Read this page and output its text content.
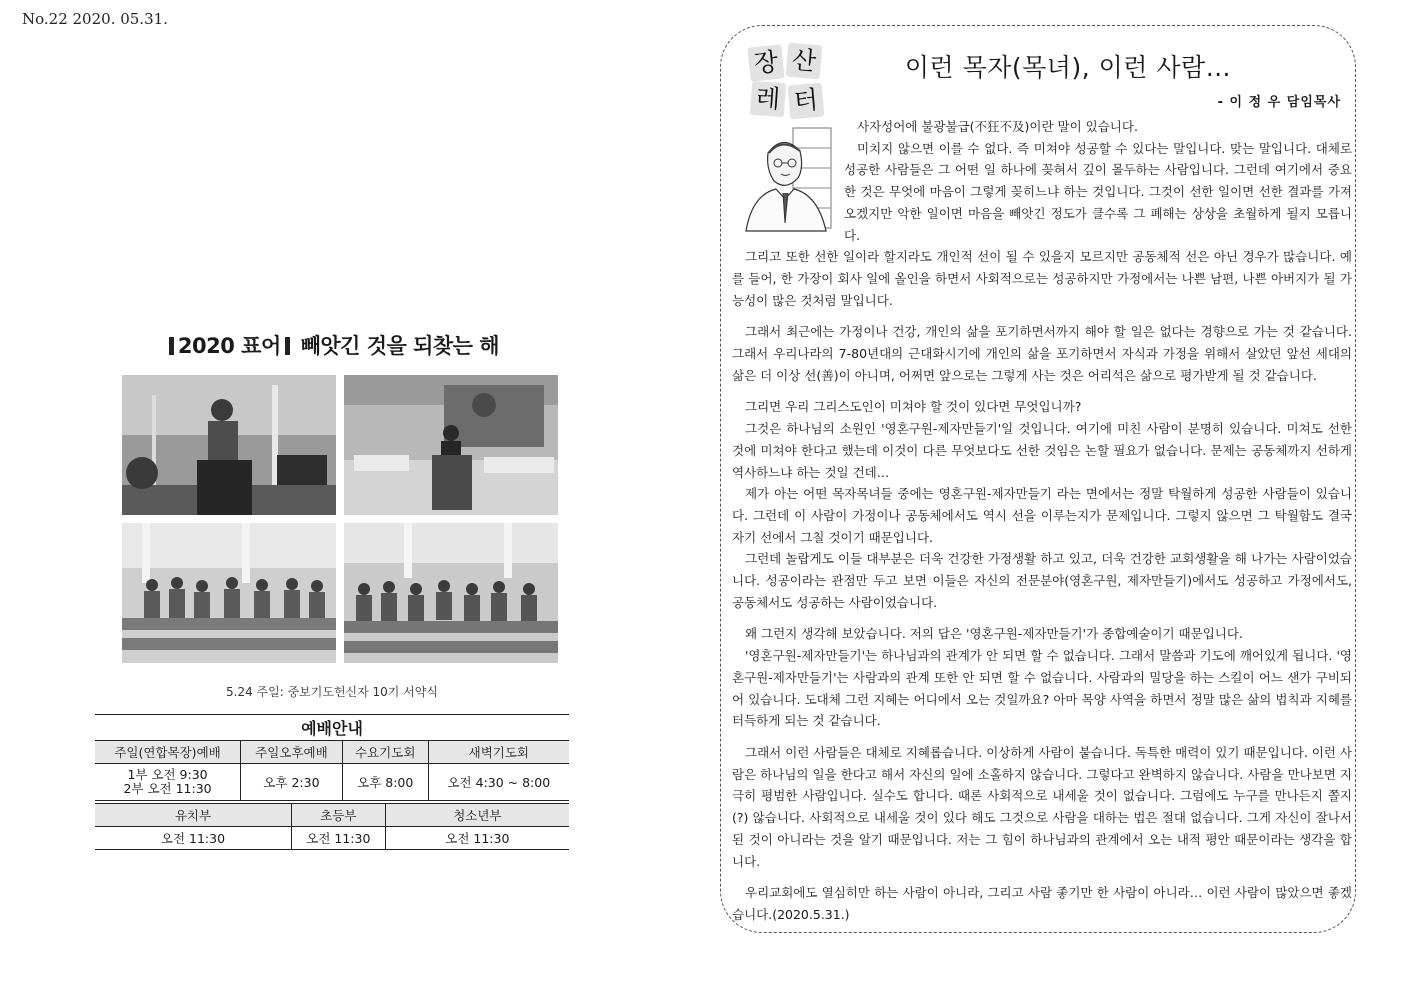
No.22 2020. 05.31.
2020 표어 빼앗긴 것을 되찾는 해
5.24 주일: 중보기도헌신자 10기 서약식
예배안내					
주일(연합목장)예배	주일오후예배		수요기도회		새벽기도회

1부 오전 9:30
2부 오전 11:30	오후 2:30		오후 8:00		오전 4:30 ~ 8:00

유치부		초등부		청소년부	
오전 11:30		오전 11:30		오전 11:30	
장 산
레 터
이런 목자(목녀), 이런 사람…
- 이 정 우 담임목사

사자성어에 불광불급(不狂不及)이란 말이 있습니다.

미치지 않으면 이를 수 없다. 즉 미쳐야 성공할 수 있다는 말입니다. 맞는 말입니다. 대체로 성공한 사람들은 그 어떤 일 하나에 꽂혀서 깊이 몰두하는 사람입니다. 그런데 여기에서 중요한 것은 무엇에 마음이 그렇게 꽂히느냐 하는 것입니다. 그것이 선한 일이면 선한 결과를 가져오겠지만 악한 일이면 마음을 빼앗긴 정도가 클수록 그 폐해는 상상을 초월하게 될지 모릅니다.

그리고 또한 선한 일이라 할지라도 개인적 선이 될 수 있을지 모르지만 공동체적 선은 아닌 경우가 많습니다. 예를 들어, 한 가장이 회사 일에 올인을 하면서 사회적으로는 성공하지만 가정에서는 나쁜 남편, 나쁜 아버지가 될 가능성이 많은 것처럼 말입니다.

그래서 최근에는 가정이나 건강, 개인의 삶을 포기하면서까지 해야 할 일은 없다는 경향으로 가는 것 같습니다. 그래서 우리나라의 7-80년대의 근대화시기에 개인의 삶을 포기하면서 자식과 가정을 위해서 살았던 앞선 세대의 삶은 더 이상 선(善)이 아니며, 어쩌면 앞으로는 그렇게 사는 것은 어리석은 삶으로 평가받게 될 것 같습니다.

그리면 우리 그리스도인이 미쳐야 할 것이 있다면 무엇입니까?

그것은 하나님의 소원인 '영혼구원-제자만들기'일 것입니다. 여기에 미친 사람이 분명히 있습니다. 미쳐도 선한 것에 미쳐야 한다고 했는데 이것이 다른 무엇보다도 선한 것임은 논할 필요가 없습니다. 문제는 공동체까지 선하게 역사하느냐 하는 것일 건데…

제가 아는 어떤 목자목녀들 중에는 영혼구원-제자만들기 라는 면에서는 정말 탁월하게 성공한 사람들이 있습니다. 그런데 이 사람이 가정이나 공동체에서도 역시 선을 이루는지가 문제입니다. 그렇지 않으면 그 탁월함도 결국 자기 선에서 그칠 것이기 때문입니다.

그런데 놀랍게도 이들 대부분은 더욱 건강한 가정생활 하고 있고, 더욱 건강한 교회생활을 해 나가는 사람이었습니다. 성공이라는 관점만 두고 보면 이들은 자신의 전문분야(영혼구원, 제자만들기)에서도 성공하고 가정에서도, 공동체서도 성공하는 사람이었습니다.

왜 그런지 생각해 보았습니다. 저의 답은 '영혼구원-제자만들기'가 종합예술이기 때문입니다.

'영혼구원-제자만들기'는 하나님과의 관계가 안 되면 할 수 없습니다. 그래서 말씀과 기도에 깨어있게 됩니다. '영혼구원-제자만들기'는 사람과의 관계 또한 안 되면 할 수 없습니다. 사람과의 밀당을 하는 스킬이 어느 샌가 구비되어 있습니다. 도대체 그런 지혜는 어디에서 오는 것일까요? 아마 목양 사역을 하면서 정말 많은 삶의 법칙과 지혜를 터득하게 되는 것 같습니다.

그래서 이런 사람들은 대체로 지혜롭습니다. 이상하게 사람이 붙습니다. 독특한 매력이 있기 때문입니다. 이런 사람은 하나님의 일을 한다고 해서 자신의 일에 소홀하지 않습니다. 그렇다고 완벽하지 않습니다. 사람을 만나보면 지극히 평범한 사람입니다. 실수도 합니다. 때론 사회적으로 내세울 것이 없습니다. 그럼에도 누구를 만나든지 쫄지(?) 않습니다. 사회적으로 내세울 것이 있다 해도 그것으로 사람을 대하는 법은 절대 없습니다. 그게 자신이 잘나서 된 것이 아니라는 것을 알기 때문입니다. 저는 그 힘이 하나님과의 관계에서 오는 내적 평안 때문이라는 생각을 합니다.

우리교회에도 열심히만 하는 사람이 아니라, 그리고 사람 좋기만 한 사람이 아니라… 이런 사람이 많았으면 좋겠습니다.(2020.5.31.)
